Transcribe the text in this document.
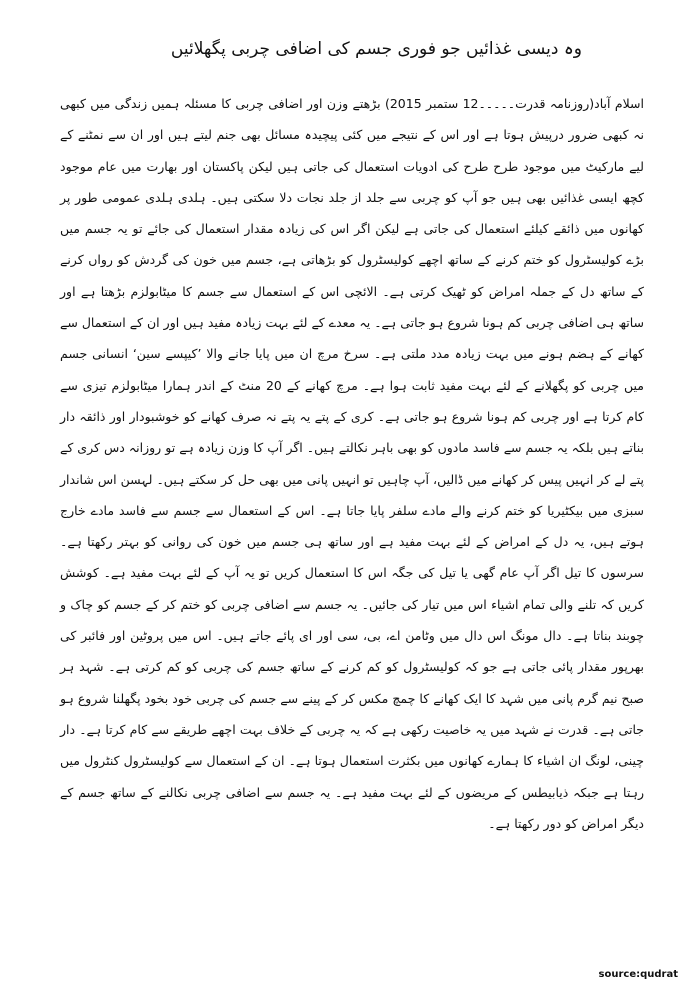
وہ دیسی غذائیں جو فوری جسم کی اضافی چربی پگھلائیں

اسلام آباد(روزنامہ قدرت۔۔۔۔۔12 ستمبر 2015) بڑھتے وزن اور اضافی چربی کا مسئلہ ہمیں زندگی میں کبھی نہ کبھی ضرور درپیش ہوتا ہے اور اس کے نتیجے میں کئی پیچیدہ مسائل بھی جنم لیتے ہیں اور ان سے نمٹنے کے لیے مارکیٹ میں موجود طرح طرح کی ادویات استعمال کی جاتی ہیں لیکن پاکستان اور بھارت میں عام موجود کچھ ایسی غذائیں بھی ہیں جو آپ کو چربی سے جلد از جلد نجات دلا سکتی ہیں۔ ہلدی ہلدی عمومی طور پر کھانوں میں ذائقے کیلئے استعمال کی جاتی ہے لیکن اگر اس کی زیادہ مقدار استعمال کی جائے تو یہ جسم میں بڑے کولیسٹرول کو ختم کرنے کے ساتھ اچھے کولیسٹرول کو بڑھاتی ہے، جسم میں خون کی گردش کو رواں کرنے کے ساتھ دل کے جملہ امراض کو ٹھیک کرتی ہے۔ الائچی اس کے استعمال سے جسم کا میٹابولزم بڑھتا ہے اور ساتھ ہی اضافی چربی کم ہونا شروع ہو جاتی ہے۔ یہ معدے کے لئے بہت زیادہ مفید ہیں اور ان کے استعمال سے کھانے کے ہضم ہونے میں بہت زیادہ مدد ملتی ہے۔ سرخ مرچ ان میں پایا جانے والا ’کیپسے سین‘ انسانی جسم میں چربی کو پگھلانے کے لئے بہت مفید ثابت ہوا ہے۔ مرچ کھانے کے 20 منٹ کے اندر ہمارا میٹابولزم تیزی سے کام کرتا ہے اور چربی کم ہونا شروع ہو جاتی ہے۔ کری کے پتے یہ پتے نہ صرف کھانے کو خوشبودار اور ذائقہ دار بناتے ہیں بلکہ یہ جسم سے فاسد مادوں کو بھی باہر نکالتے ہیں۔ اگر آپ کا وزن زیادہ ہے تو روزانہ دس کری کے پتے لے کر انہیں پیس کر کھانے میں ڈالیں، آپ چاہیں تو انہیں پانی میں بھی حل کر سکتے ہیں۔ لہسن اس شاندار سبزی میں بیکٹیریا کو ختم کرنے والے مادے سلفر پایا جاتا ہے۔ اس کے استعمال سے جسم سے فاسد مادے خارج ہوتے ہیں، یہ دل کے امراض کے لئے بہت مفید ہے اور ساتھ ہی جسم میں خون کی روانی کو بہتر رکھتا ہے۔ سرسوں کا تیل اگر آپ عام گھی یا تیل کی جگہ اس کا استعمال کریں تو یہ آپ کے لئے بہت مفید ہے۔ کوشش کریں کہ تلنے والی تمام اشیاء اس میں تیار کی جائیں۔ یہ جسم سے اضافی چربی کو ختم کر کے جسم کو چاک و چوبند بناتا ہے۔ دال مونگ اس دال میں وٹامن اے، بی، سی اور ای پائے جاتے ہیں۔ اس میں پروٹین اور فائبر کی بھرپور مقدار پائی جاتی ہے جو کہ کولیسٹرول کو کم کرنے کے ساتھ جسم کی چربی کو کم کرتی ہے۔ شہد ہر صبح نیم گرم پانی میں شہد کا ایک کھانے کا چمچ مکس کر کے پینے سے جسم کی چربی خود بخود پگھلنا شروع ہو جاتی ہے۔ قدرت نے شہد میں یہ خاصیت رکھی ہے کہ یہ چربی کے خلاف بہت اچھے طریقے سے کام کرتا ہے۔ دار چینی، لونگ ان اشیاء کا ہمارے کھانوں میں بکثرت استعمال ہوتا ہے۔ ان کے استعمال سے کولیسٹرول کنٹرول میں رہتا ہے جبکہ ذیابیطس کے مریضوں کے لئے بہت مفید ہے۔ یہ جسم سے اضافی چربی نکالنے کے ساتھ جسم کے دیگر امراض کو دور رکھتا ہے۔

source:qudrat
